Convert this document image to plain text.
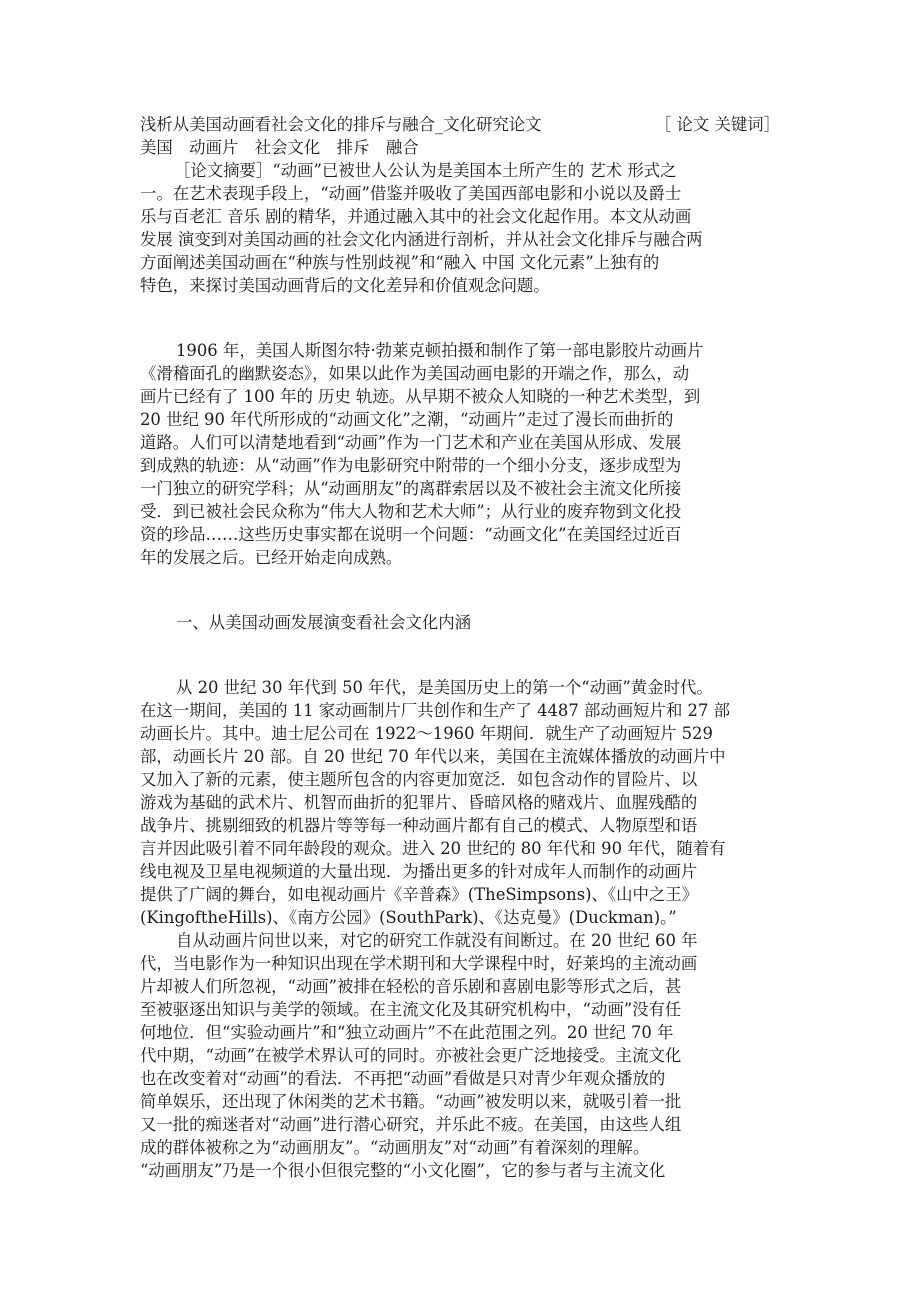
浅析从美国动画看社会文化的排斥与融合_文化研究论文	［ 论文 关键词］
美国　动画片　社会文化　排斥　融合
［论文摘要］“动画”已被世人公认为是美国本土所产生的 艺术 形式之
一。在艺术表现手段上，“动画”借鉴并吸收了美国西部电影和小说以及爵士
乐与百老汇 音乐 剧的精华，并通过融入其中的社会文化起作用。本文从动画
发展 演变到对美国动画的社会文化内涵进行剖析，并从社会文化排斥与融合两
方面阐述美国动画在“种族与性别歧视”和“融入 中国 文化元素”上独有的
特色，来探讨美国动画背后的文化差异和价值观念问题。
1906 年，美国人斯图尔特·勃莱克顿拍摄和制作了第一部电影胶片动画片
《滑稽面孔的幽默姿态》，如果以此作为美国动画电影的开端之作，那么，动
画片已经有了 100 年的 历史 轨迹。从早期不被众人知晓的一种艺术类型，到
20 世纪 90 年代所形成的“动画文化”之潮，“动画片”走过了漫长而曲折的
道路。人们可以清楚地看到“动画”作为一门艺术和产业在美国从形成、发展
到成熟的轨迹：从“动画”作为电影研究中附带的一个细小分支，逐步成型为
一门独立的研究学科；从“动画朋友”的离群索居以及不被社会主流文化所接
受．到已被社会民众称为“伟大人物和艺术大师”；从行业的废弃物到文化投
资的珍品……这些历史事实都在说明一个问题：“动画文化”在美国经过近百
年的发展之后。已经开始走向成熟。
一、从美国动画发展演变看社会文化内涵
从 20 世纪 30 年代到 50 年代，是美国历史上的第一个“动画”黄金时代。
在这一期间，美国的 11 家动画制片厂共创作和生产了 4487 部动画短片和 27 部
动画长片。其中。迪士尼公司在 1922～1960 年期间．就生产了动画短片 529
部，动画长片 20 部。自 20 世纪 70 年代以来，美国在主流媒体播放的动画片中
又加入了新的元素，使主题所包含的内容更加宽泛．如包含动作的冒险片、以
游戏为基础的武术片、机智而曲折的犯罪片、昏暗风格的赌戏片、血腥残酷的
战争片、挑剔细致的机器片等等每一种动画片都有自己的模式、人物原型和语
言并因此吸引着不同年龄段的观众。进入 20 世纪的 80 年代和 90 年代，随着有
线电视及卫星电视频道的大量出现．为播出更多的针对成年人而制作的动画片
提供了广阔的舞台，如电视动画片《辛普森》(TheSimpsons)、《山中之王》
(KingoftheHills)、《南方公园》(SouthPark)、《达克曼》(Duckman)。”
自从动画片问世以来，对它的研究工作就没有间断过。在 20 世纪 60 年
代，当电影作为一种知识出现在学术期刊和大学课程中时，好莱坞的主流动画
片却被人们所忽视，“动画”被排在轻松的音乐剧和喜剧电影等形式之后，甚
至被驱逐出知识与美学的领域。在主流文化及其研究机构中，“动画”没有任
何地位．但“实验动画片”和“独立动画片”不在此范围之列。20 世纪 70 年
代中期，“动画”在被学术界认可的同时。亦被社会更广泛地接受。主流文化
也在改变着对“动画”的看法．不再把“动画”看做是只对青少年观众播放的
简单娱乐，还出现了休闲类的艺术书籍。“动画”被发明以来，就吸引着一批
又一批的痴迷者对“动画”进行潜心研究，并乐此不疲。在美国，由这些人组
成的群体被称之为“动画朋友”。“动画朋友”对“动画”有着深刻的理解。
“动画朋友”乃是一个很小但很完整的“小文化圈”，它的参与者与主流文化
